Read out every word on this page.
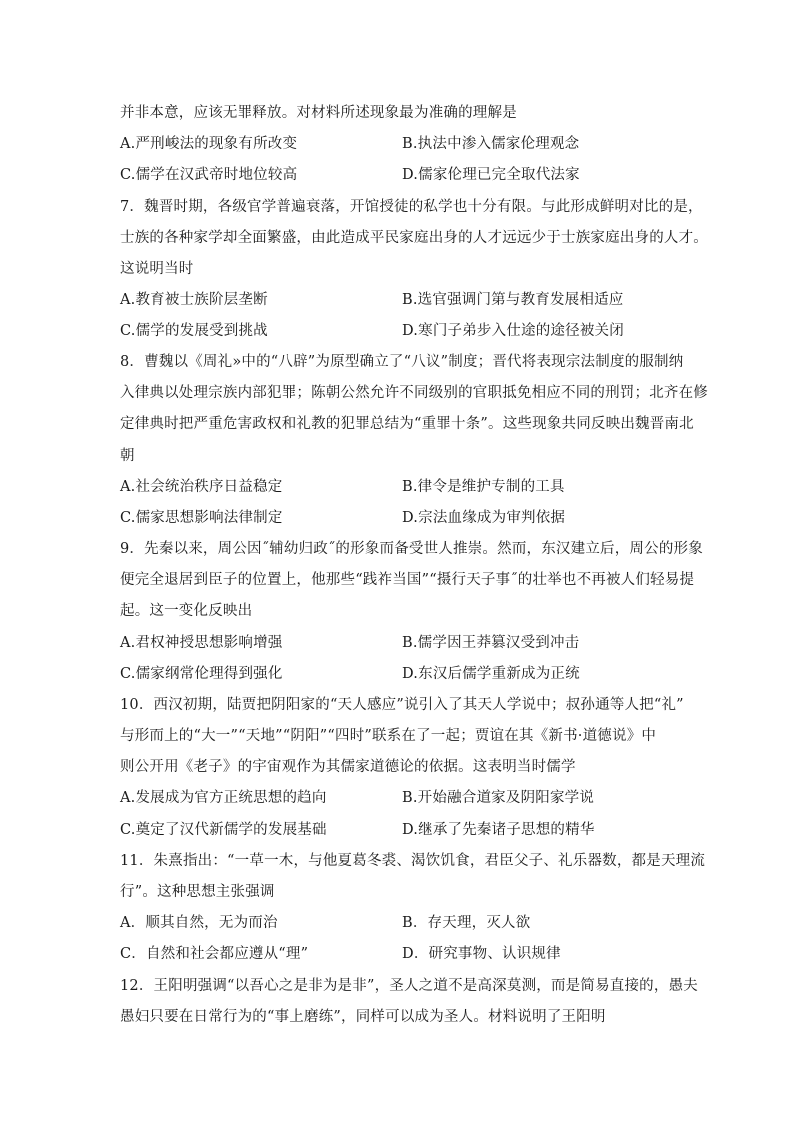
并非本意，应该无罪释放。对材料所述现象最为准确的理解是
A.严刑峻法的现象有所改变	B.执法中渗入儒家伦理观念
C.儒学在汉武帝时地位较高	D.儒家伦理已完全取代法家
7．魏晋时期，各级官学普遍衰落，开馆授徒的私学也十分有限。与此形成鲜明对比的是，
士族的各种家学却全面繁盛，由此造成平民家庭出身的人才远远少于士族家庭出身的人才。
这说明当时
A.教育被士族阶层垄断	B.选官强调门第与教育发展相适应
C.儒学的发展受到挑战	D.寒门子弟步入仕途的途径被关闭
8．曹魏以《周礼»中的“八辟”为原型确立了“八议”制度；晋代将表现宗法制度的服制纳
入律典以处理宗族内部犯罪；陈朝公然允许不同级别的官职抵免相应不同的刑罚；北齐在修
定律典时把严重危害政权和礼教的犯罪总结为“重罪十条”。这些现象共同反映出魏晋南北
朝
A.社会统治秩序日益稳定	B.律令是维护专制的工具
C.儒家思想影响法律制定	D.宗法血缘成为审判依据
9．先秦以来，周公因˝辅幼归政˝的形象而备受世人推崇。然而，东汉建立后，周公的形象
便完全退居到臣子的位置上，他那些“践祚当国”“摄行天子事˝的壮举也不再被人们轻易提
起。这一变化反映出
A.君权神授思想影响增强	B.儒学因王莽篡汉受到冲击
C.儒家纲常伦理得到强化	D.东汉后儒学重新成为正统
10．西汉初期，陆贾把阴阳家的“天人感应”说引入了其天人学说中；叔孙通等人把“礼”
与形而上的“大一”“天地”“阴阳”“四时”联系在了一起；贾谊在其《新书·道德说》中
则公开用《老子》的宇宙观作为其儒家道德论的依据。这表明当时儒学
A.发展成为官方正统思想的趋向	B.开始融合道家及阴阳家学说
C.奠定了汉代新儒学的发展基础	D.继承了先秦诸子思想的精华
11．朱熹指出：“一草一木，与他夏葛冬裘、渴饮饥食，君臣父子、礼乐器数，都是天理流
行”。这种思想主张强调
A．顺其自然，无为而治	B．存天理，灭人欲
C．自然和社会都应遵从“理”	D．研究事物、认识规律
12．王阳明强调“以吾心之是非为是非”，圣人之道不是高深莫测，而是简易直接的，愚夫
愚妇只要在日常行为的“事上磨练”，同样可以成为圣人。材料说明了王阳明
